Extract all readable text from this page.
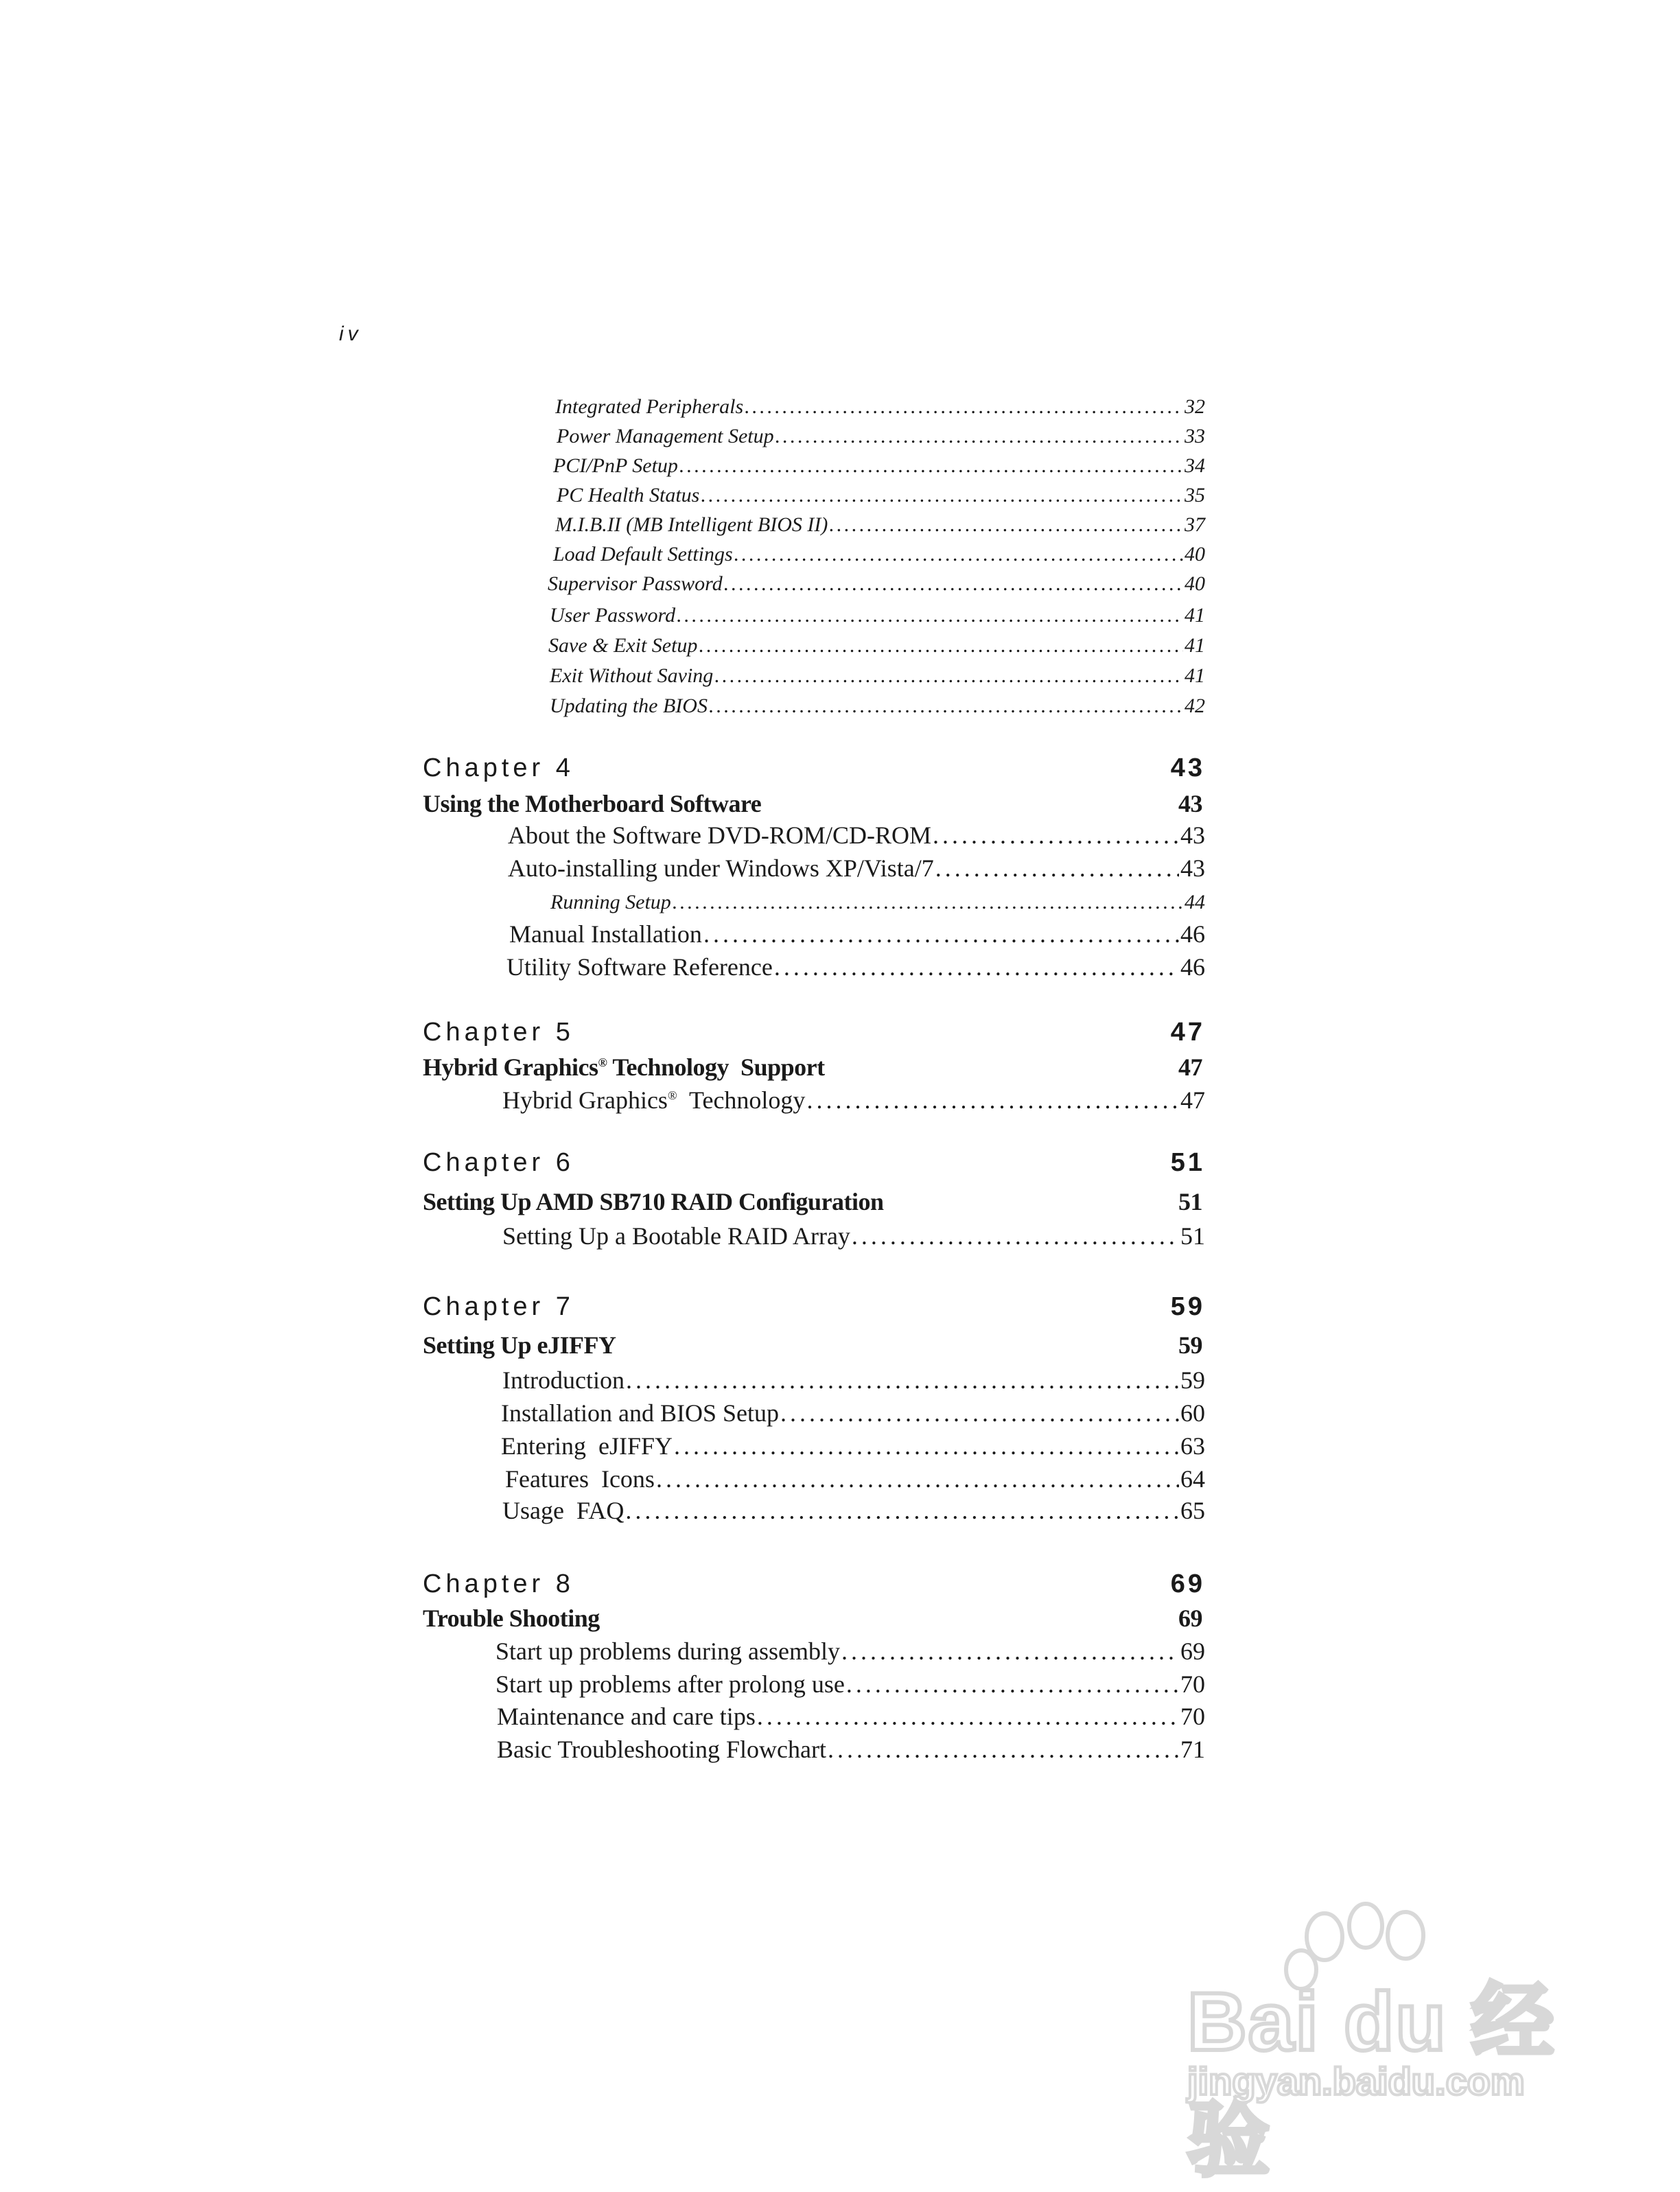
iv
Integrated Peripherals . . .	32
Power Management Setup . . .	33
PCI/PnP Setup . . .	34
PC Health Status . . .	35
M.I.B.II (MB Intelligent BIOS II) . . .	37
Load Default Settings . . .	40
Supervisor Password . . .	40
User Password . . .	41
Save & Exit Setup . . .	41
Exit Without Saving . . .	41
Updating the BIOS . . .	42
Chapter 4	43
Using the Motherboard Software	43
About the Software DVD-ROM/CD-ROM . . .	43
Auto-installing under Windows XP/Vista/7 . . .	43
Running Setup . . .	44
Manual Installation . . .	46
Utility Software Reference . . .	46
Chapter 5	47
Hybrid Graphics® Technology  Support	47
Hybrid Graphics®  Technology . . .	47
Chapter 6	51
Setting Up AMD SB710 RAID Configuration	51
Setting Up a Bootable RAID Array . . .	51
Chapter 7	59
Setting Up eJIFFY	59
Introduction . . .	59
Installation and BIOS Setup . . .	60
Entering  eJIFFY . . .	63
Features  Icons . . .	64
Usage  FAQ . . .	65
Chapter 8	69
Trouble Shooting	69
Start up problems during assembly . . .	69
Start up problems after prolong use . . .	70
Maintenance and care tips . . .	70
Basic Troubleshooting Flowchart . . .	71
Bai du 经验
jingyan.baidu.com
